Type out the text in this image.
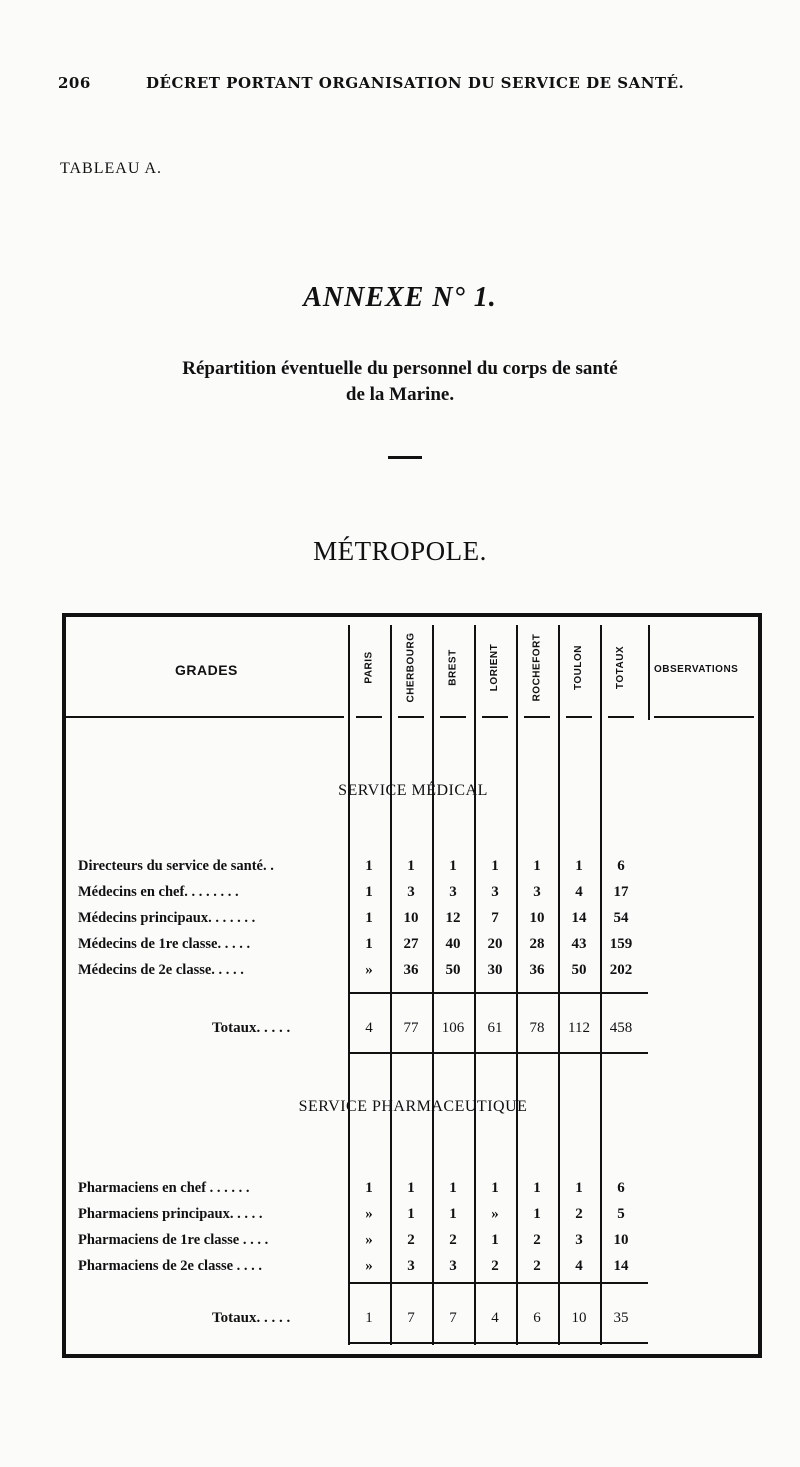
206	DÉCRET PORTANT ORGANISATION DU SERVICE DE SANTÉ.
TABLEAU A.
ANNEXE N° 1.
Répartition éventuelle du personnel du corps de santé
de la Marine.
MÉTROPOLE.
GRADES	OBSERVATIONS
PARIS	CHERBOURG	BREST	LORIENT	ROCHEFORT	TOULON	TOTAUX
SERVICE MÉDICAL
Directeurs du service de santé. .	1	1	1	1	1	1	6
Médecins en chef. . . . . . . .	1	3	3	3	3	4	17
Médecins principaux. . . . . . .	1	10	12	7	10	14	54
Médecins de 1re classe. . . . .	1	27	40	20	28	43	159
Médecins de 2e classe. . . . .	»	36	50	30	36	50	202
Totaux. . . . .	4	77	106	61	78	112	458
SERVICE PHARMACEUTIQUE
Pharmaciens en chef . . . . . .	1	1	1	1	1	1	6
Pharmaciens principaux. . . . .	»	1	1	»	1	2	5
Pharmaciens de 1re classe . . . .	»	2	2	1	2	3	10
Pharmaciens de 2e classe . . . .	»	3	3	2	2	4	14
Totaux. . . . .	1	7	7	4	6	10	35
